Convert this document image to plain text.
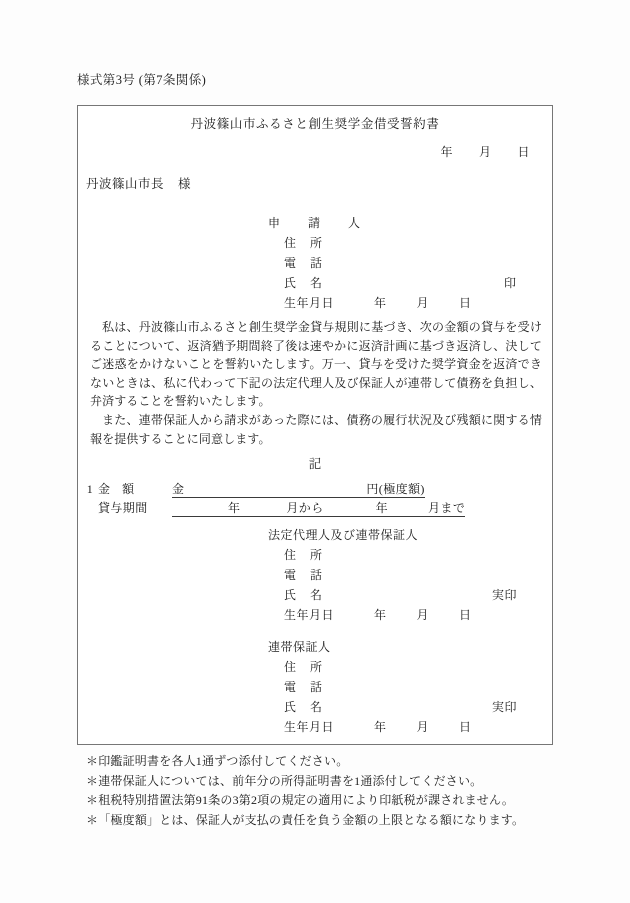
様式第3号 (第7条関係)
丹波篠山市ふるさと創生奨学金借受誓約書
年 月 日
丹波篠山市長 様
申　請　人
住所
電話
氏名	印
生年月日	年	月	日
私は、丹波篠山市ふるさと創生奨学金貸与規則に基づき、次の金額の貸与を受けることについて、返済猶予期間終了後は速やかに返済計画に基づき返済し、決してご迷惑をかけないことを誓約いたします。万一、貸与を受けた奨学資金を返済できないときは、私に代わって下記の法定代理人及び保証人が連帯して債務を負担し、弁済することを誓約いたします。
また、連帯保証人から請求があった際には、債務の履行状況及び残額に関する情報を提供することに同意します。
記
1 金額 金	円(極度額)
貸与期間	年	月から	年	月まで
法定代理人及び連帯保証人
住所
電話
氏名	実印
生年月日	年	月	日
連帯保証人
住所
電話
氏名	実印
生年月日	年	月	日
＊印鑑証明書を各人1通ずつ添付してください。
＊連帯保証人については、前年分の所得証明書を1通添付してください。
＊租税特別措置法第91条の3第2項の規定の適用により印紙税が課されません。
＊「極度額」とは、保証人が支払の責任を負う金額の上限となる額になります。
